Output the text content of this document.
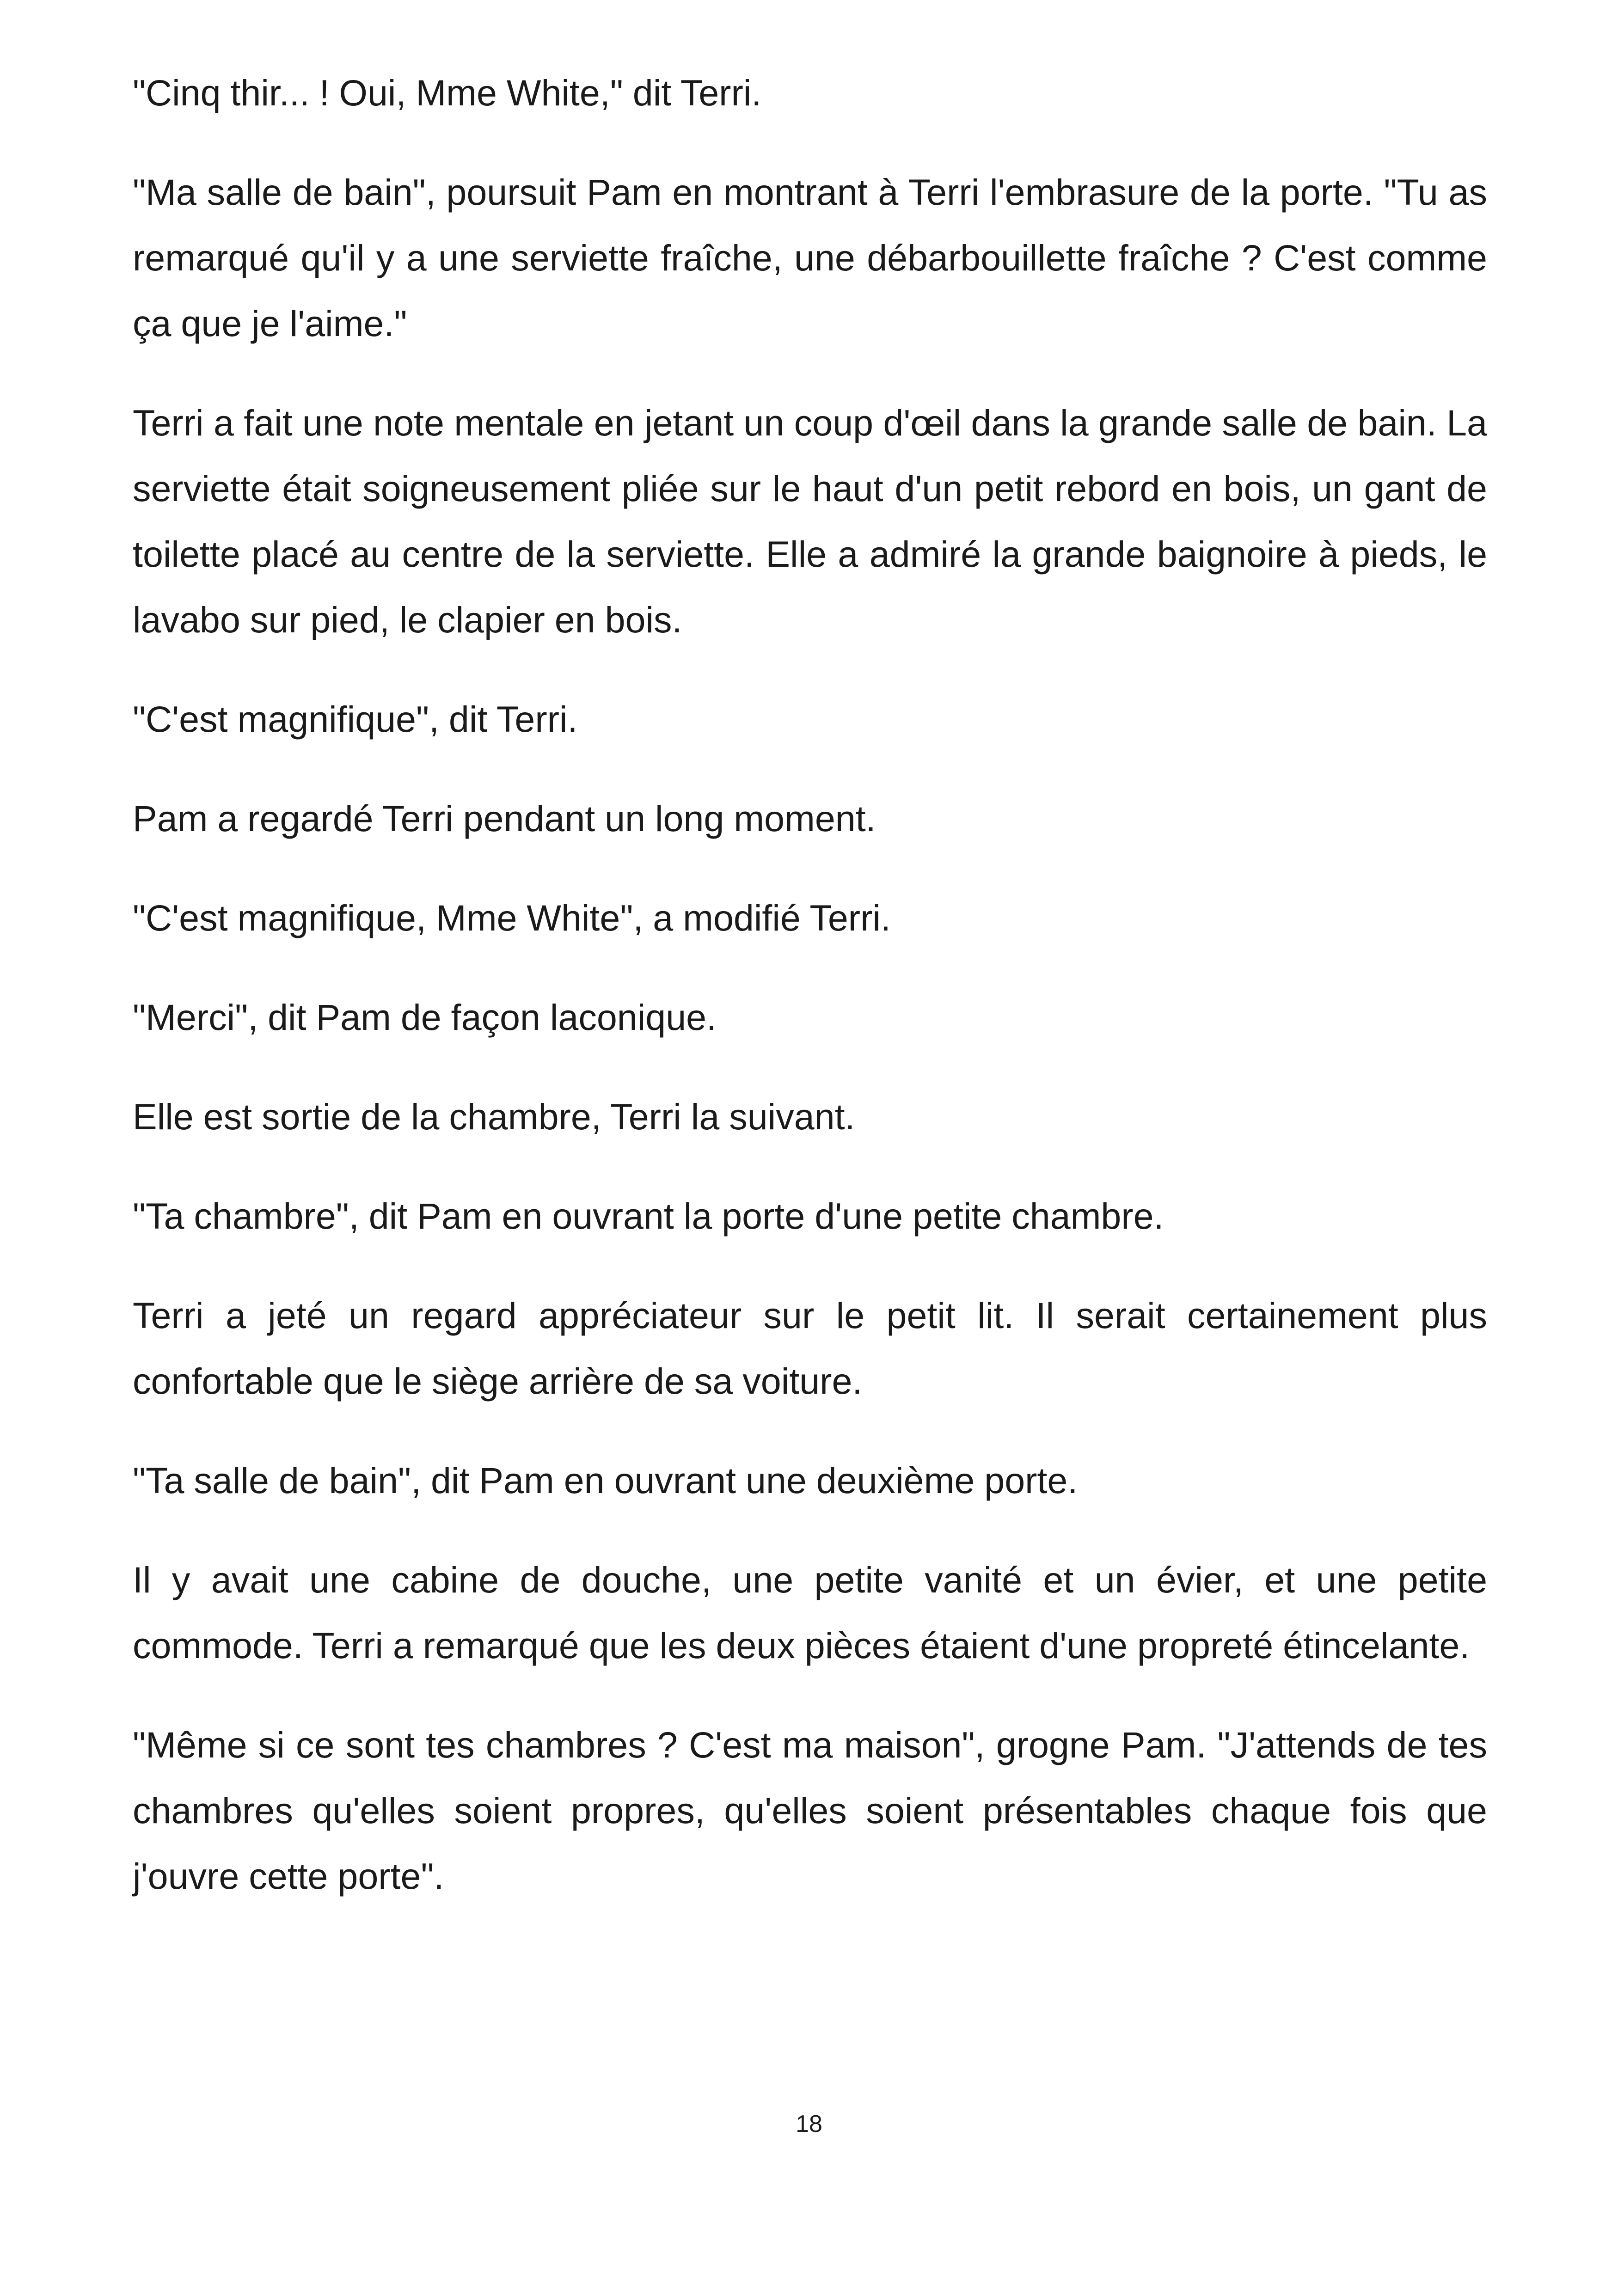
"Cinq thir... ! Oui, Mme White," dit Terri.

"Ma salle de bain", poursuit Pam en montrant à Terri l'embrasure de la porte. "Tu as remarqué qu'il y a une serviette fraîche, une débarbouillette fraîche ? C'est comme ça que je l'aime."

Terri a fait une note mentale en jetant un coup d'œil dans la grande salle de bain. La serviette était soigneusement pliée sur le haut d'un petit rebord en bois, un gant de toilette placé au centre de la serviette. Elle a admiré la grande baignoire à pieds, le lavabo sur pied, le clapier en bois.

"C'est magnifique", dit Terri.

Pam a regardé Terri pendant un long moment.

"C'est magnifique, Mme White", a modifié Terri.

"Merci", dit Pam de façon laconique.

Elle est sortie de la chambre, Terri la suivant.

"Ta chambre", dit Pam en ouvrant la porte d'une petite chambre.

Terri a jeté un regard appréciateur sur le petit lit. Il serait certainement plus confortable que le siège arrière de sa voiture.

"Ta salle de bain", dit Pam en ouvrant une deuxième porte.

Il y avait une cabine de douche, une petite vanité et un évier, et une petite commode. Terri a remarqué que les deux pièces étaient d'une propreté étincelante.

"Même si ce sont tes chambres ? C'est ma maison", grogne Pam. "J'attends de tes chambres qu'elles soient propres, qu'elles soient présentables chaque fois que j'ouvre cette porte".

18
